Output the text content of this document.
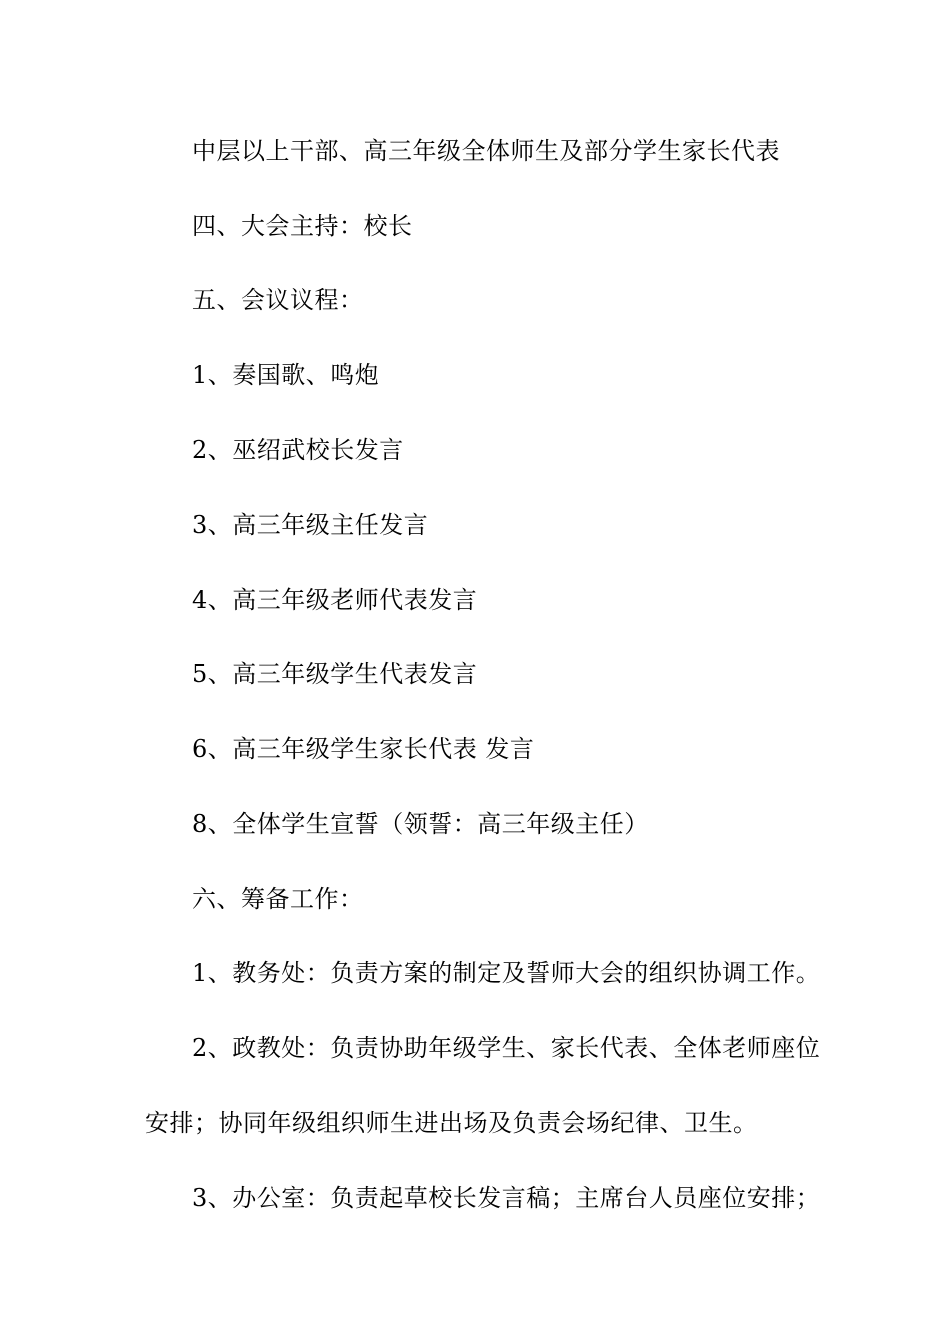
中层以上干部、高三年级全体师生及部分学生家长代表
四、大会主持：校长
五、会议议程：
1、奏国歌、鸣炮
2、巫绍武校长发言
3、高三年级主任发言
4、高三年级老师代表发言
5、高三年级学生代表发言
6、高三年级学生家长代表 发言
8、全体学生宣誓（领誓：高三年级主任）
六、筹备工作：
1、教务处：负责方案的制定及誓师大会的组织协调工作。
2、政教处：负责协助年级学生、家长代表、全体老师座位
安排；协同年级组织师生进出场及负责会场纪律、卫生。
3、办公室：负责起草校长发言稿；主席台人员座位安排；
